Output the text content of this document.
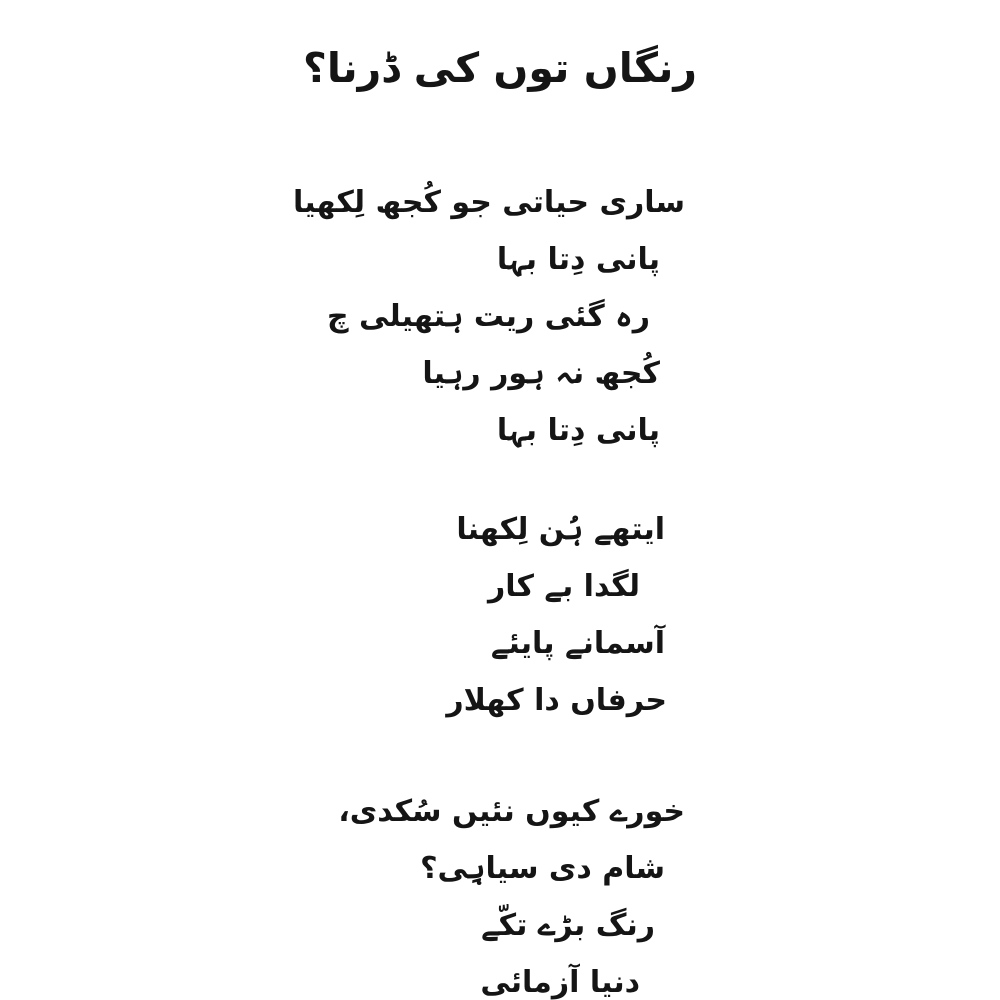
رنگاں توں کی ڈرنا؟
ساری حیاتی جو کُجھ لِکھیا
پانی دِتا بہا
رہ گئی ریت ہتھیلی چ
کُجھ نہ ہور رہیا
پانی دِتا بہا
ایتھے ہُن لِکھنا
لگدا بے کار
آسمانے پایئے
حرفاں دا کھلار
خورے کیوں نئیں سُکدی،
شام دی سیاہِی؟
رنگ بڑے تکّے
دنیا آزمائی
